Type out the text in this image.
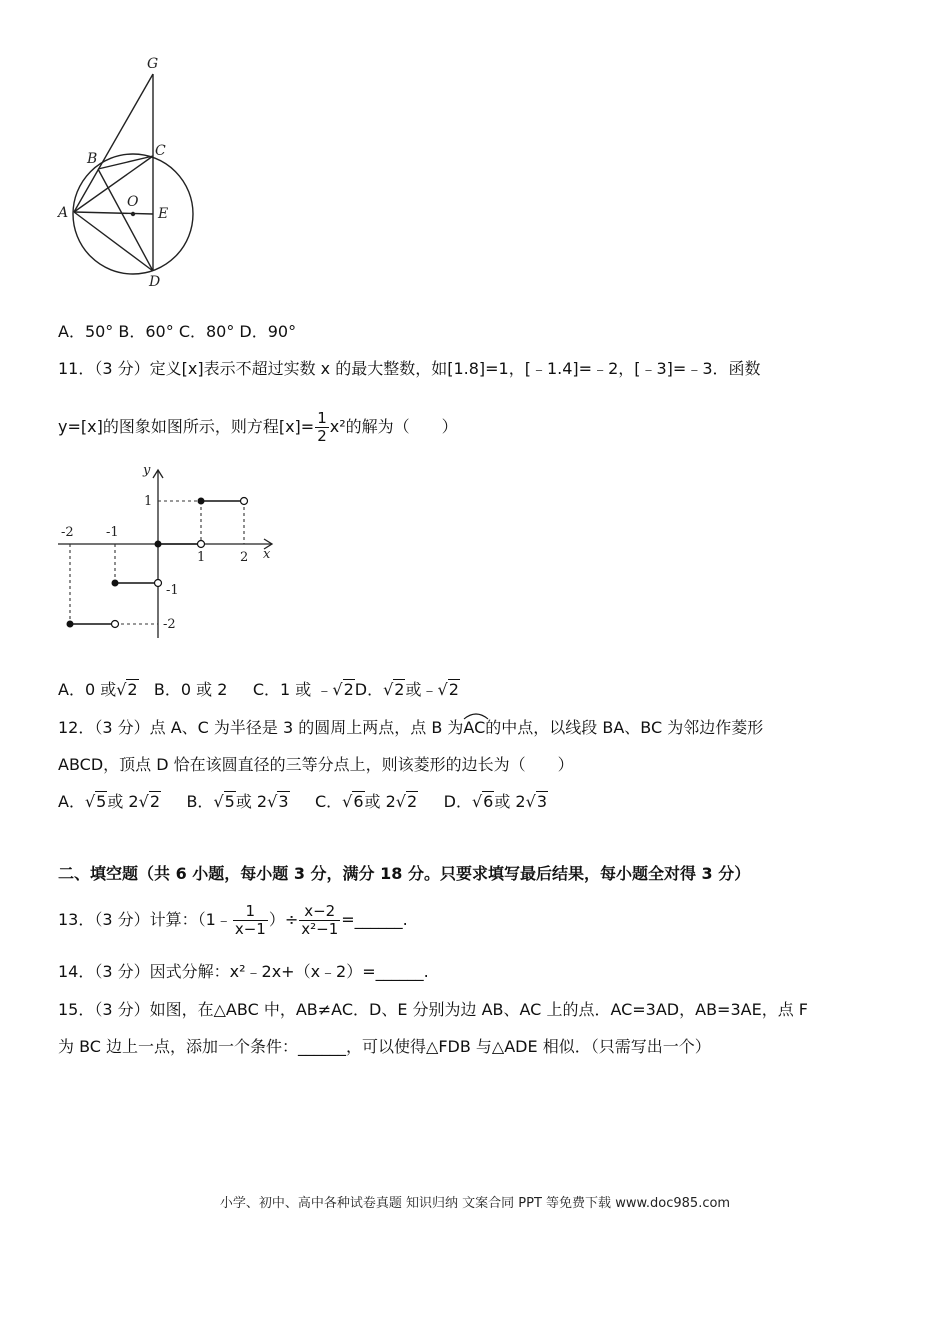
G
B	C
A
O
E
D
A．50° B．60° C．80° D．90°
11．（3 分）定义[x]表示不超过实数 x 的最大整数，如[1.8]=1，[﹣1.4]=﹣2，[﹣3]=﹣3．函数
y=[x]的图象如图所示，则方程$[x]= \frac{1}{2} x^2$的解为（　　）
y
x
-2 -1
1	2
1
-1
-2
A．0 或√2 B．0 或 2 C．1 或 ﹣√2D．√2或﹣√2
12．（3 分）点 A、C 为半径是 3 的圆周上两点，点 B 为
AC的中点，以线段 BA、BC 为邻边作菱形
ABCD，顶点 D 恰在该圆直径的三等分点上，则该菱形的边长为（　　）
A．√5或 2√2 B．√5或 2√3 C．√6或 2√2 D．√6或 2√3
二、填空题（共 6 小题，每小题 3 分，满分 18 分。只要求填写最后结果，每小题全对得 3 分）
13．（3 分）计算：（1﹣ $\frac{1}{x-1}$ ）÷ $\frac{x-2}{\text{x²−1}}$ =______.
14．（3 分）因式分解：x²﹣2x+（x﹣2）=______.
15．（3 分）如图，在△ABC 中，AB≠AC．D、E 分别为边 AB、AC 上的点．AC=3AD，AB=3AE，点 F
为 BC 边上一点，添加一个条件：______，可以使得△FDB 与△ADE 相似．（只需写出一个）
小学、初中、高中各种试卷真题 知识归纳 文案合同 PPT 等免费下载 www.doc985.com
